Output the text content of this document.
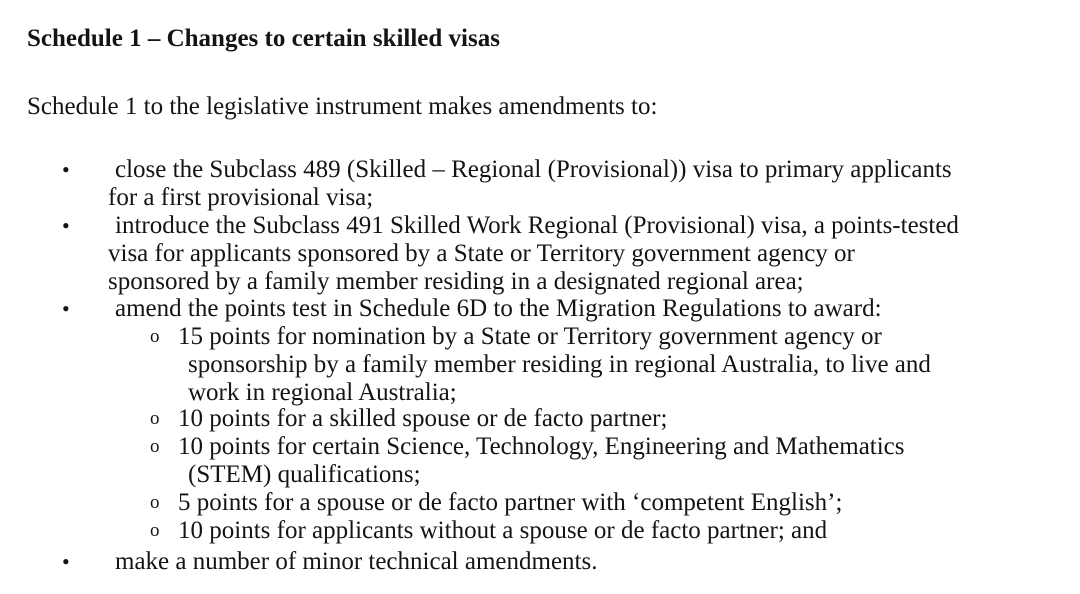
Schedule 1 – Changes to certain skilled visas
Schedule 1 to the legislative instrument makes amendments to:
• close the Subclass 489 (Skilled – Regional (Provisional)) visa to primary applicants
for a first provisional visa;
• introduce the Subclass 491 Skilled Work Regional (Provisional) visa, a points-tested
visa for applicants sponsored by a State or Territory government agency or
sponsored by a family member residing in a designated regional area;
• amend the points test in Schedule 6D to the Migration Regulations to award:
o 15 points for nomination by a State or Territory government agency or
sponsorship by a family member residing in regional Australia, to live and
work in regional Australia;
o 10 points for a skilled spouse or de facto partner;
o 10 points for certain Science, Technology, Engineering and Mathematics
(STEM) qualifications;
o 5 points for a spouse or de facto partner with ‘competent English’;
o 10 points for applicants without a spouse or de facto partner; and
• make a number of minor technical amendments.
